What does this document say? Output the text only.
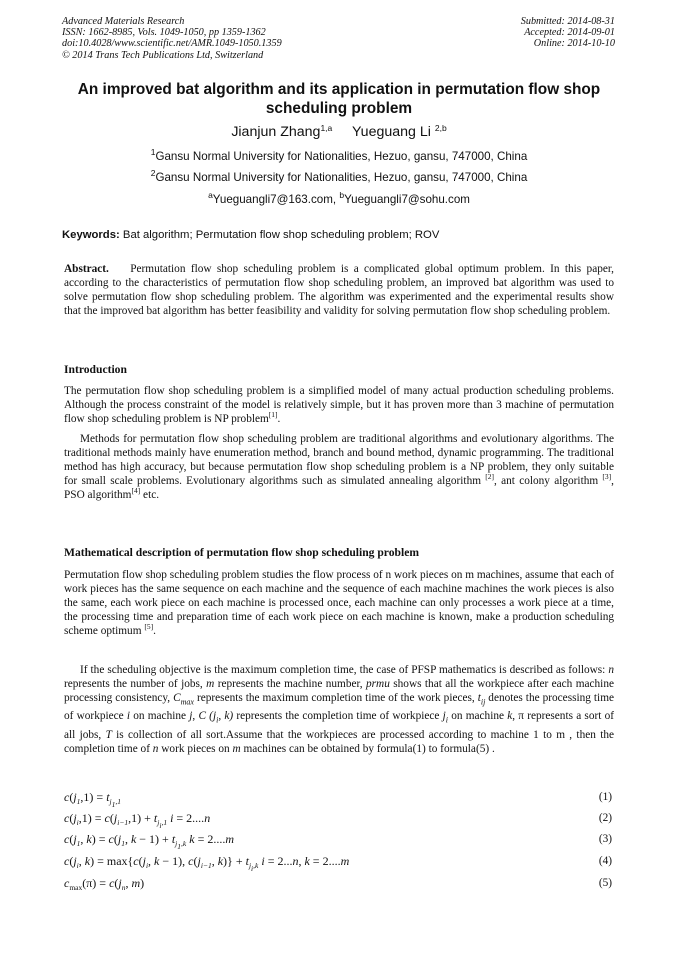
Advanced Materials Research
ISSN: 1662-8985, Vols. 1049-1050, pp 1359-1362
doi:10.4028/www.scientific.net/AMR.1049-1050.1359
© 2014 Trans Tech Publications Ltd, Switzerland
Submitted: 2014-08-31
Accepted: 2014-09-01
Online: 2014-10-10
An improved bat algorithm and its application in permutation flow shop scheduling problem
Jianjun Zhang$^{1,a}$ Yueguang Li $^{2,b}$
$^1$Gansu Normal University for Nationalities, Hezuo, gansu, 747000, China
$^2$Gansu Normal University for Nationalities, Hezuo, gansu, 747000, China
$^a$Yueguangli7@163.com, $^b$Yueguangli7@sohu.com
Keywords: Bat algorithm; Permutation flow shop scheduling problem; ROV
Abstract. Permutation flow shop scheduling problem is a complicated global optimum problem. In this paper, according to the characteristics of permutation flow shop scheduling problem, an improved bat algorithm was used to solve permutation flow shop scheduling problem. The algorithm was experimented and the experimental results show that the improved bat algorithm has better feasibility and validity for solving permutation flow shop scheduling problem.
Introduction
The permutation flow shop scheduling problem is a simplified model of many actual production scheduling problems. Although the process constraint of the model is relatively simple, but it has proven more than 3 machine of permutation flow shop scheduling problem is NP problem[1].
Methods for permutation flow shop scheduling problem are traditional algorithms and evolutionary algorithms. The traditional methods mainly have enumeration method, branch and bound method, dynamic programming. The traditional method has high accuracy, but because permutation flow shop scheduling problem is a NP problem, they only suitable for small scale problems. Evolutionary algorithms such as simulated annealing algorithm [2], ant colony algorithm [3], PSO algorithm[4] etc.
Mathematical description of permutation flow shop scheduling problem
Permutation flow shop scheduling problem studies the flow process of n work pieces on m machines, assume that each of work pieces has the same sequence on each machine and the sequence of each machine machines the work pieces is also the same, each work piece on each machine is processed once, each machine can only processes a work piece at a time, the processing time and preparation time of each work piece on each machine is known, make a production scheduling scheme optimum [5].
If the scheduling objective is the maximum completion time, the case of PFSP mathematics is described as follows: n represents the number of jobs, m represents the machine number, prmu shows that all the workpiece after each machine processing consistency, $C_{max}$ represents the maximum completion time of the work pieces, $t_{ij}$ denotes the processing time of workpiece i on machine j, C ($j_i$, k) represents the completion time of workpiece $j_i$ on machine k, π represents a sort of all jobs, T is collection of all sort.Assume that the workpieces are processed according to machine 1 to m , then the completion time of n work pieces on m machines can be obtained by formula(1) to formula(5) .
$c(j_1,1) = t_{j_1,1}$	(1)
$c(j_i,1) = c(j_{i-1},1) + t_{j_i,1}$ i = 2....n	(2)
$c(j_1$, $k) = c(j_1$, $k - 1) + t_{j_1,k}$ k = 2....m	(3)
$c(j_i$, $k) = \max\{c(j_i$, k − 1), $c(j_{i-1}$, $k)\} + t_{j_i,k}$ i = 2...n, k = 2....m	(4)
$c_{max}(\pi) = c(j_n$, m)	(5)
